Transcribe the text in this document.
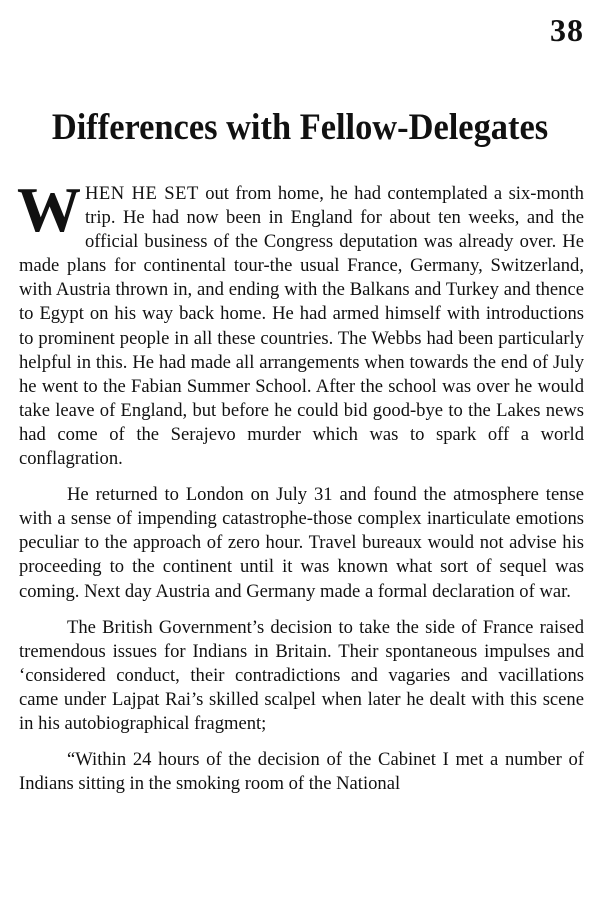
38
Differences with Fellow-Delegates

WHEN HE SET out from home, he had contemplated a six-month trip. He had now been in England for about ten weeks, and the official business of the Congress deputation was already over. He made plans for continental tour-the usual France, Germany, Switzerland, with Austria thrown in, and ending with the Balkans and Turkey and thence to Egypt on his way back home. He had armed himself with introductions to prominent people in all these countries. The Webbs had been particularly helpful in this. He had made all arrangements when towards the end of July he went to the Fabian Summer School. After the school was over he would take leave of England, but before he could bid good-bye to the Lakes news had come of the Serajevo murder which was to spark off a world conflagration.

He returned to London on July 31 and found the atmosphere tense with a sense of impending catastrophe-those complex inarticulate emotions peculiar to the approach of zero hour. Travel bureaux would not advise his proceeding to the continent until it was known what sort of sequel was coming. Next day Austria and Germany made a formal declaration of war.

The British Government’s decision to take the side of France raised tremendous issues for Indians in Britain. Their spontaneous impulses and ‘considered conduct, their contradictions and vagaries and vacillations came under Lajpat Rai’s skilled scalpel when later he dealt with this scene in his autobiographical fragment;

“Within 24 hours of the decision of the Cabinet I met a number of Indians sitting in the smoking room of the National
